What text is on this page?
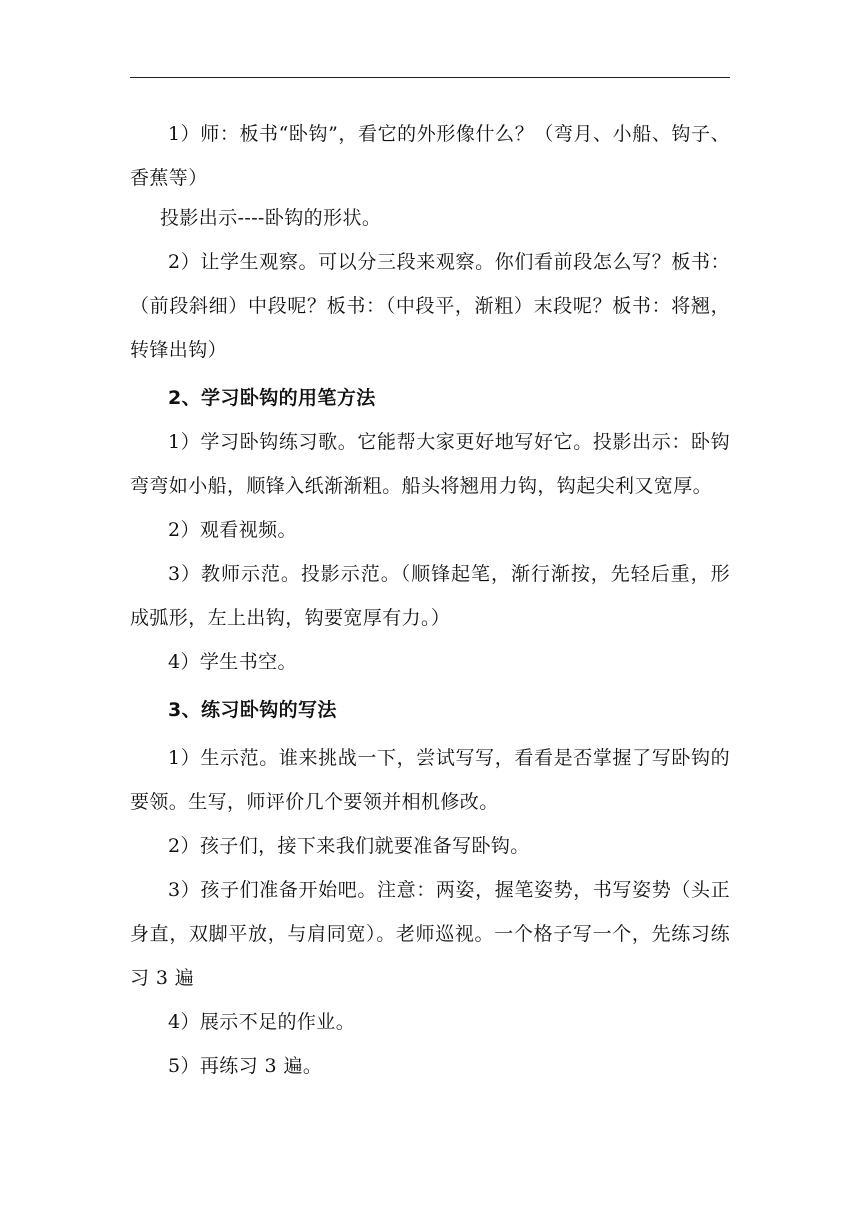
1）师：板书“卧钩”，看它的外形像什么？（弯月、小船、钩子、香蕉等）

投影出示----卧钩的形状。

2）让学生观察。可以分三段来观察。你们看前段怎么写？板书：（前段斜细）中段呢？板书：（中段平，渐粗）末段呢？板书：将翘，转锋出钩）

2、学习卧钩的用笔方法

1）学习卧钩练习歌。它能帮大家更好地写好它。投影出示：卧钩弯弯如小船，顺锋入纸渐渐粗。船头将翘用力钩，钩起尖利又宽厚。

2）观看视频。

3）教师示范。投影示范。（顺锋起笔，渐行渐按，先轻后重，形成弧形，左上出钩，钩要宽厚有力。）

4）学生书空。

3、练习卧钩的写法

1）生示范。谁来挑战一下，尝试写写，看看是否掌握了写卧钩的要领。生写，师评价几个要领并相机修改。

2）孩子们，接下来我们就要准备写卧钩。

3）孩子们准备开始吧。注意：两姿，握笔姿势，书写姿势（头正身直，双脚平放，与肩同宽）。老师巡视。一个格子写一个，先练习练习 3 遍

4）展示不足的作业。

5）再练习 3 遍。
